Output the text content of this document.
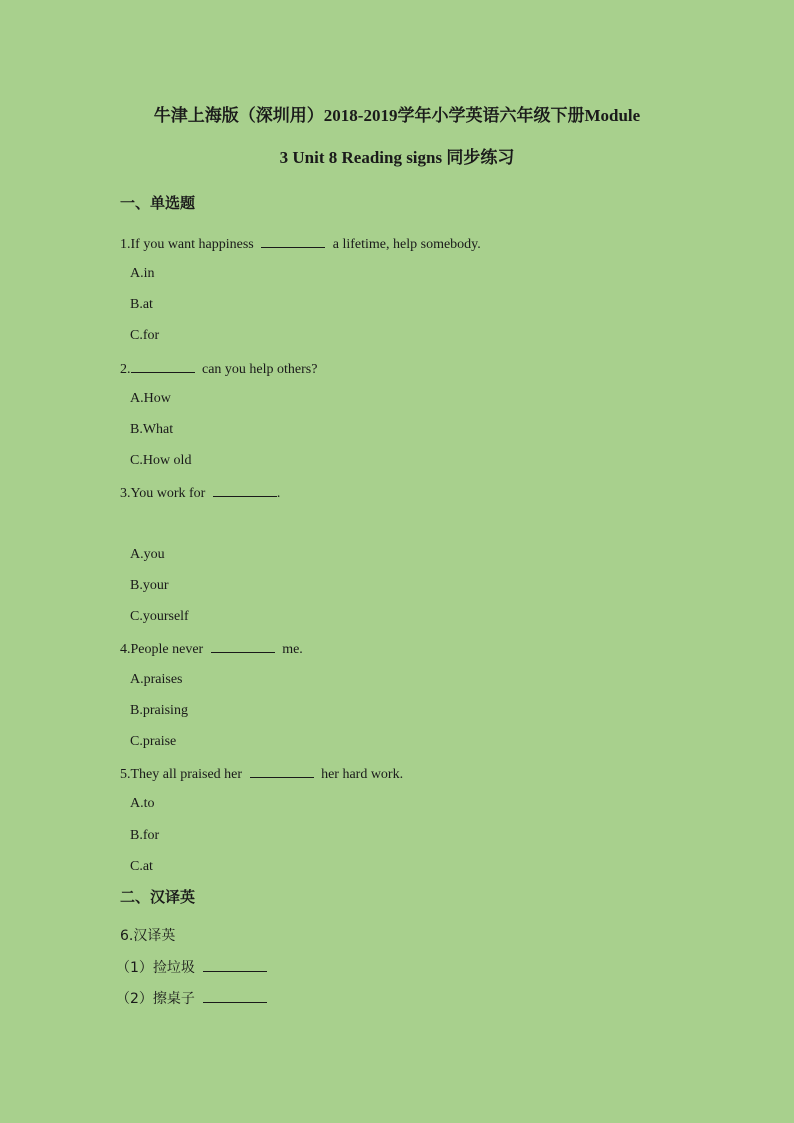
牛津上海版（深圳用）2018-2019学年小学英语六年级下册Module
3 Unit 8 Reading signs 同步练习
一、单选题
1.If you want happiness	a lifetime, help somebody.
A.in
B.at
C.for
2.	can you help others?
A.How
B.What
C.How old
3.You work for	.
A.you
B.your
C.yourself
4.People never	me.
A.praises
B.praising
C.praise
5.They all praised her	her hard work.
A.to
B.for
C.at
二、汉译英
6.汉译英
（1）捡垃圾
（2）擦桌子
